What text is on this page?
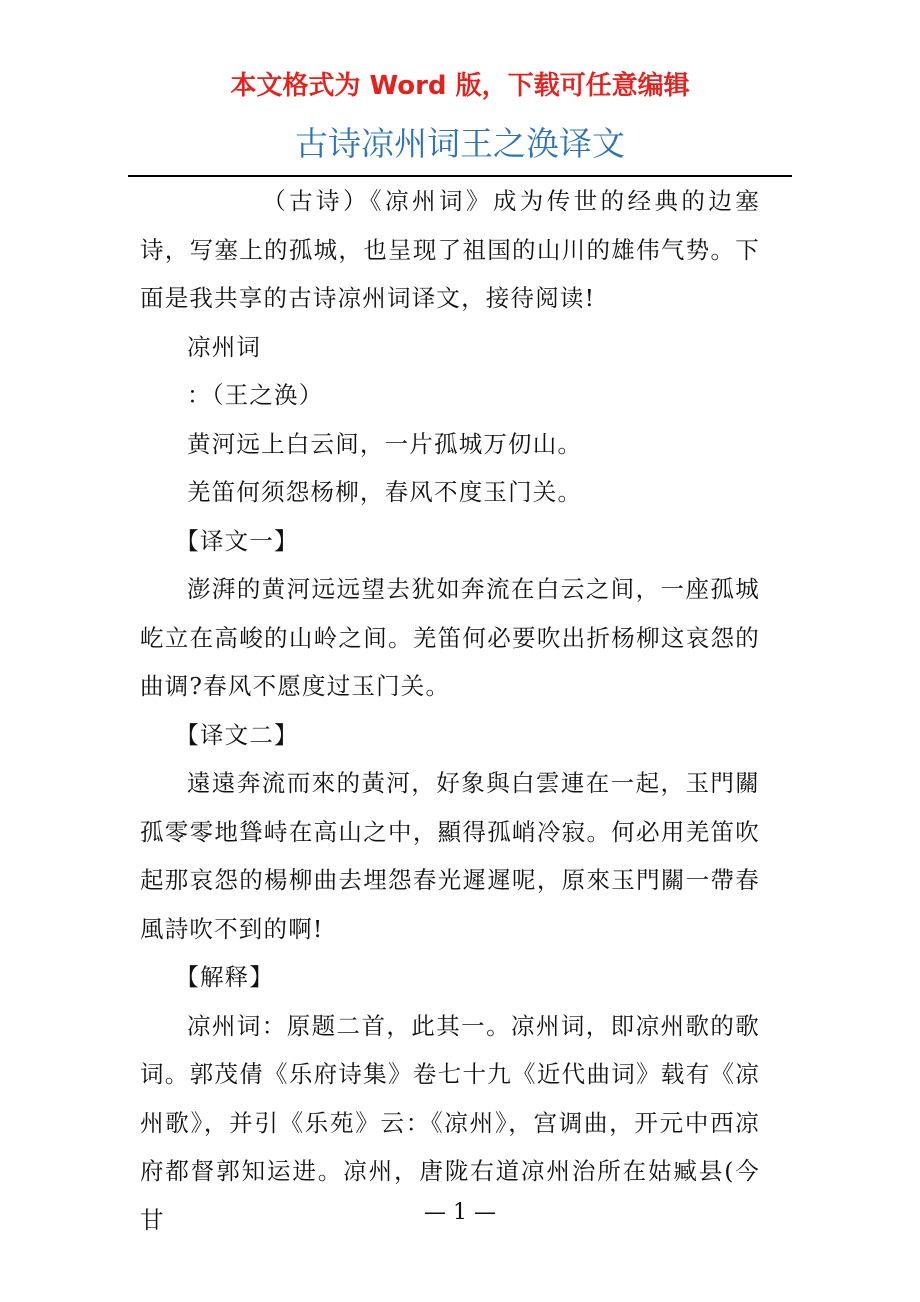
本文格式为 Word 版，下载可任意编辑
古诗凉州词王之涣译文

（古诗）《凉州词》成为传世的经典的边塞诗，写塞上的孤城，也呈现了祖国的山川的雄伟气势。下面是我共享的古诗凉州词译文，接待阅读!

凉州词

：（王之涣）

黄河远上白云间，一片孤城万仞山。

羌笛何须怨杨柳，春风不度玉门关。

【译文一】

澎湃的黄河远远望去犹如奔流在白云之间，一座孤城屹立在高峻的山岭之间。羌笛何必要吹出折杨柳这哀怨的曲调?春风不愿度过玉门关。

【译文二】

遠遠奔流而來的黃河，好象與白雲連在一起，玉門關孤零零地聳峙在高山之中，顯得孤峭冷寂。何必用羌笛吹起那哀怨的楊柳曲去埋怨春光遲遲呢，原來玉門關一帶春風詩吹不到的啊!

【解释】

凉州词：原题二首，此其一。凉州词，即凉州歌的歌词。郭茂倩《乐府诗集》卷七十九《近代曲词》载有《凉州歌》，并引《乐苑》云：《凉州》，宫调曲，开元中西凉府都督郭知运进。凉州，唐陇右道凉州治所在姑臧县(今甘	— 1 —
